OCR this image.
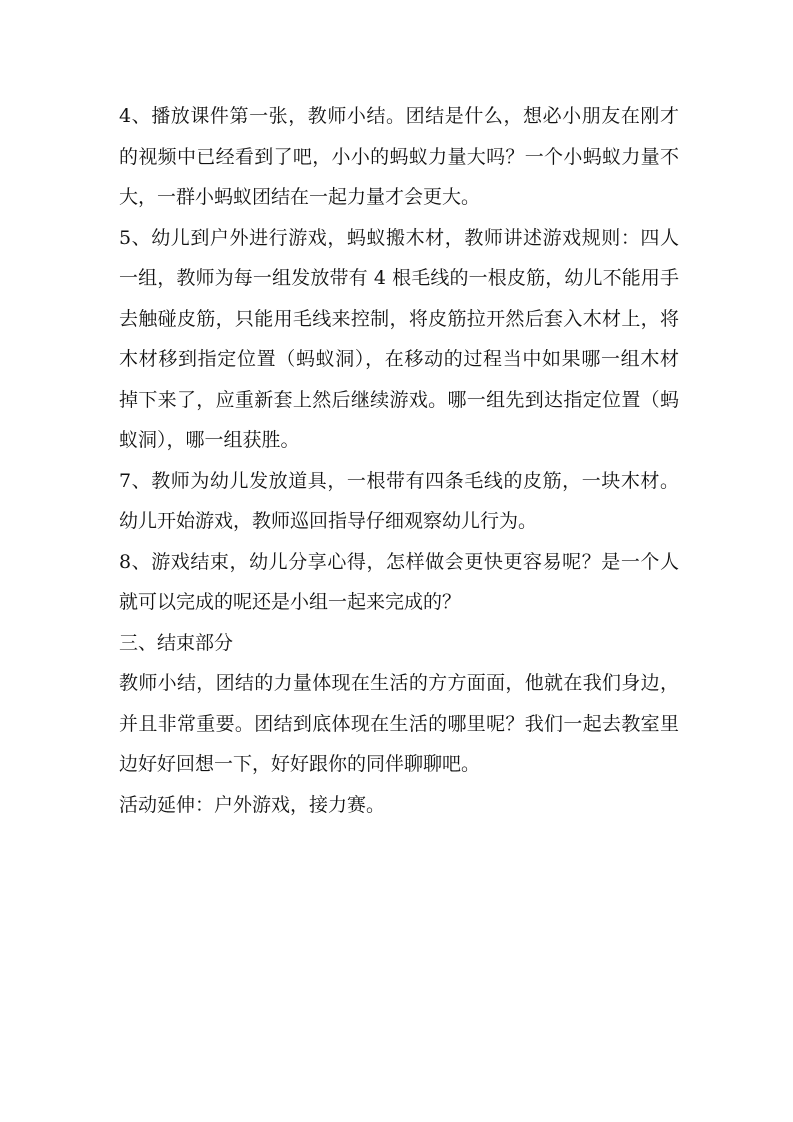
4、播放课件第一张，教师小结。团结是什么，想必小朋友在刚才的视频中已经看到了吧，小小的蚂蚁力量大吗？一个小蚂蚁力量不大，一群小蚂蚁团结在一起力量才会更大。

5、幼儿到户外进行游戏，蚂蚁搬木材，教师讲述游戏规则：四人一组，教师为每一组发放带有 4 根毛线的一根皮筋，幼儿不能用手去触碰皮筋，只能用毛线来控制，将皮筋拉开然后套入木材上，将木材移到指定位置（蚂蚁洞），在移动的过程当中如果哪一组木材掉下来了，应重新套上然后继续游戏。哪一组先到达指定位置（蚂蚁洞），哪一组获胜。

7、教师为幼儿发放道具，一根带有四条毛线的皮筋，一块木材。幼儿开始游戏，教师巡回指导仔细观察幼儿行为。

8、游戏结束，幼儿分享心得，怎样做会更快更容易呢？是一个人就可以完成的呢还是小组一起来完成的？

三、结束部分

教师小结，团结的力量体现在生活的方方面面，他就在我们身边，并且非常重要。团结到底体现在生活的哪里呢？我们一起去教室里边好好回想一下，好好跟你的同伴聊聊吧。

活动延伸：户外游戏，接力赛。
